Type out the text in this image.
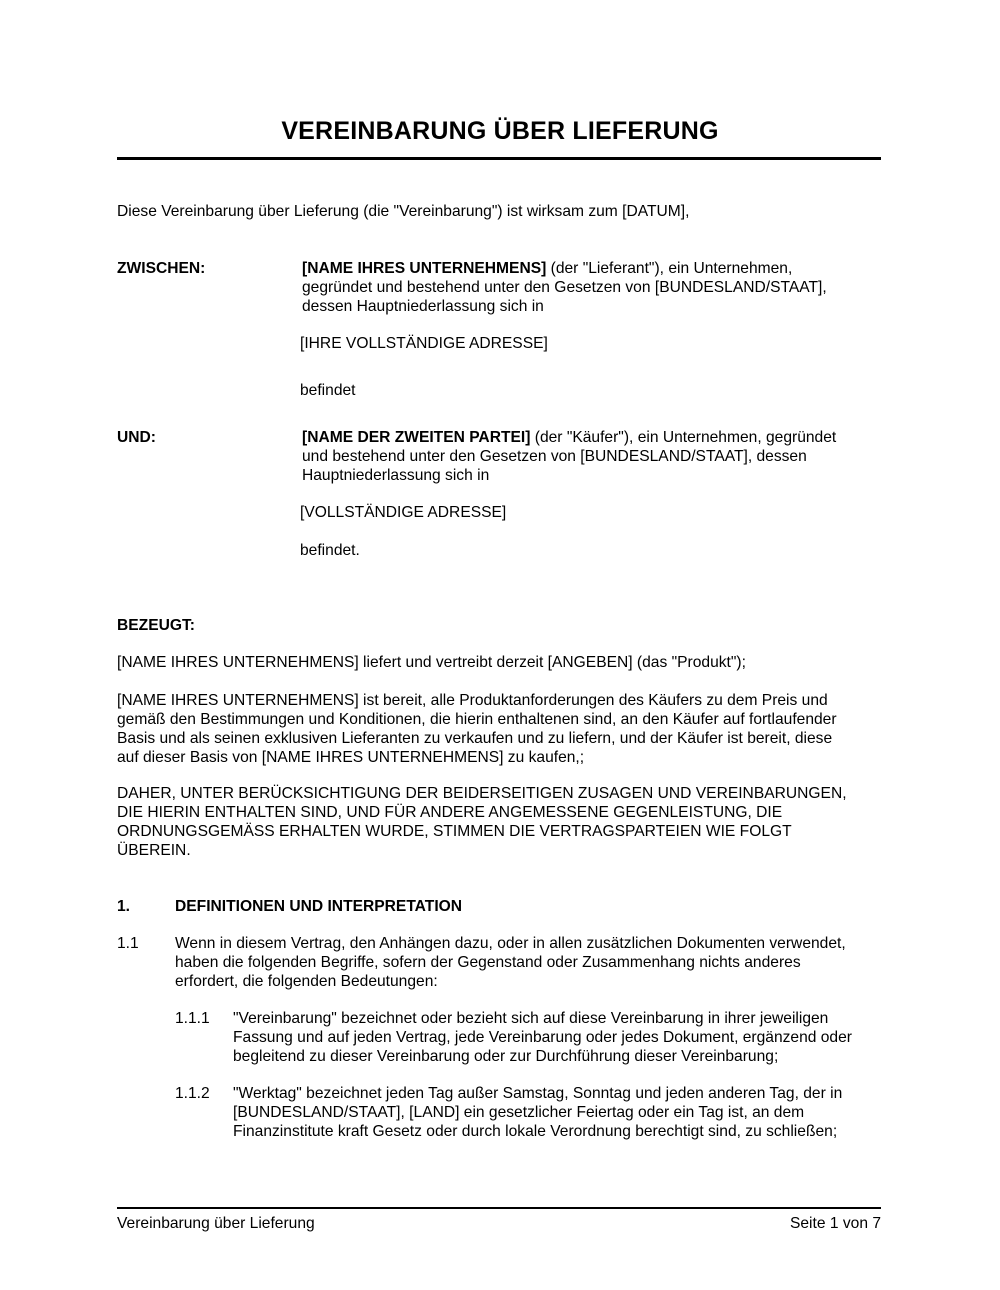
VEREINBARUNG ÜBER LIEFERUNG
Diese Vereinbarung über Lieferung (die "Vereinbarung") ist wirksam zum [DATUM],
ZWISCHEN:	[NAME IHRES UNTERNEHMENS] (der "Lieferant"), ein Unternehmen,

gegründet und bestehend unter den Gesetzen von [BUNDESLAND/STAAT],

dessen Hauptniederlassung sich in

[IHRE VOLLSTÄNDIGE ADRESSE]
befindet
UND:	[NAME DER ZWEITEN PARTEI] (der "Käufer"), ein Unternehmen, gegründet

und bestehend unter den Gesetzen von [BUNDESLAND/STAAT], dessen

Hauptniederlassung sich in

[VOLLSTÄNDIGE ADRESSE]
befindet.
BEZEUGT:
[NAME IHRES UNTERNEHMENS] liefert und vertreibt derzeit [ANGEBEN] (das "Produkt");

[NAME IHRES UNTERNEHMENS] ist bereit, alle Produktanforderungen des Käufers zu dem Preis und

gemäß den Bestimmungen und Konditionen, die hierin enthaltenen sind, an den Käufer auf fortlaufender

Basis und als seinen exklusiven Lieferanten zu verkaufen und zu liefern, und der Käufer ist bereit, diese

auf dieser Basis von [NAME IHRES UNTERNEHMENS] zu kaufen,;

DAHER, UNTER BERÜCKSICHTIGUNG DER BEIDERSEITIGEN ZUSAGEN UND VEREINBARUNGEN,

DIE HIERIN ENTHALTEN SIND, UND FÜR ANDERE ANGEMESSENE GEGENLEISTUNG, DIE

ORDNUNGSGEMÄSS ERHALTEN WURDE, STIMMEN DIE VERTRAGSPARTEIEN WIE FOLGT

ÜBEREIN.

1.	DEFINITIONEN UND INTERPRETATION
1.1 Wenn in diesem Vertrag, den Anhängen dazu, oder in allen zusätzlichen Dokumenten verwendet,

haben die folgenden Begriffe, sofern der Gegenstand oder Zusammenhang nichts anderes

erfordert, die folgenden Bedeutungen:

1.1.1 "Vereinbarung" bezeichnet oder bezieht sich auf diese Vereinbarung in ihrer jeweiligen

Fassung und auf jeden Vertrag, jede Vereinbarung oder jedes Dokument, ergänzend oder

begleitend zu dieser Vereinbarung oder zur Durchführung dieser Vereinbarung;

1.1.2 "Werktag" bezeichnet jeden Tag außer Samstag, Sonntag und jeden anderen Tag, der in

[BUNDESLAND/STAAT], [LAND] ein gesetzlicher Feiertag oder ein Tag ist, an dem

Finanzinstitute kraft Gesetz oder durch lokale Verordnung berechtigt sind, zu schließen;

Vereinbarung über Lieferung	Seite 1 von 7
